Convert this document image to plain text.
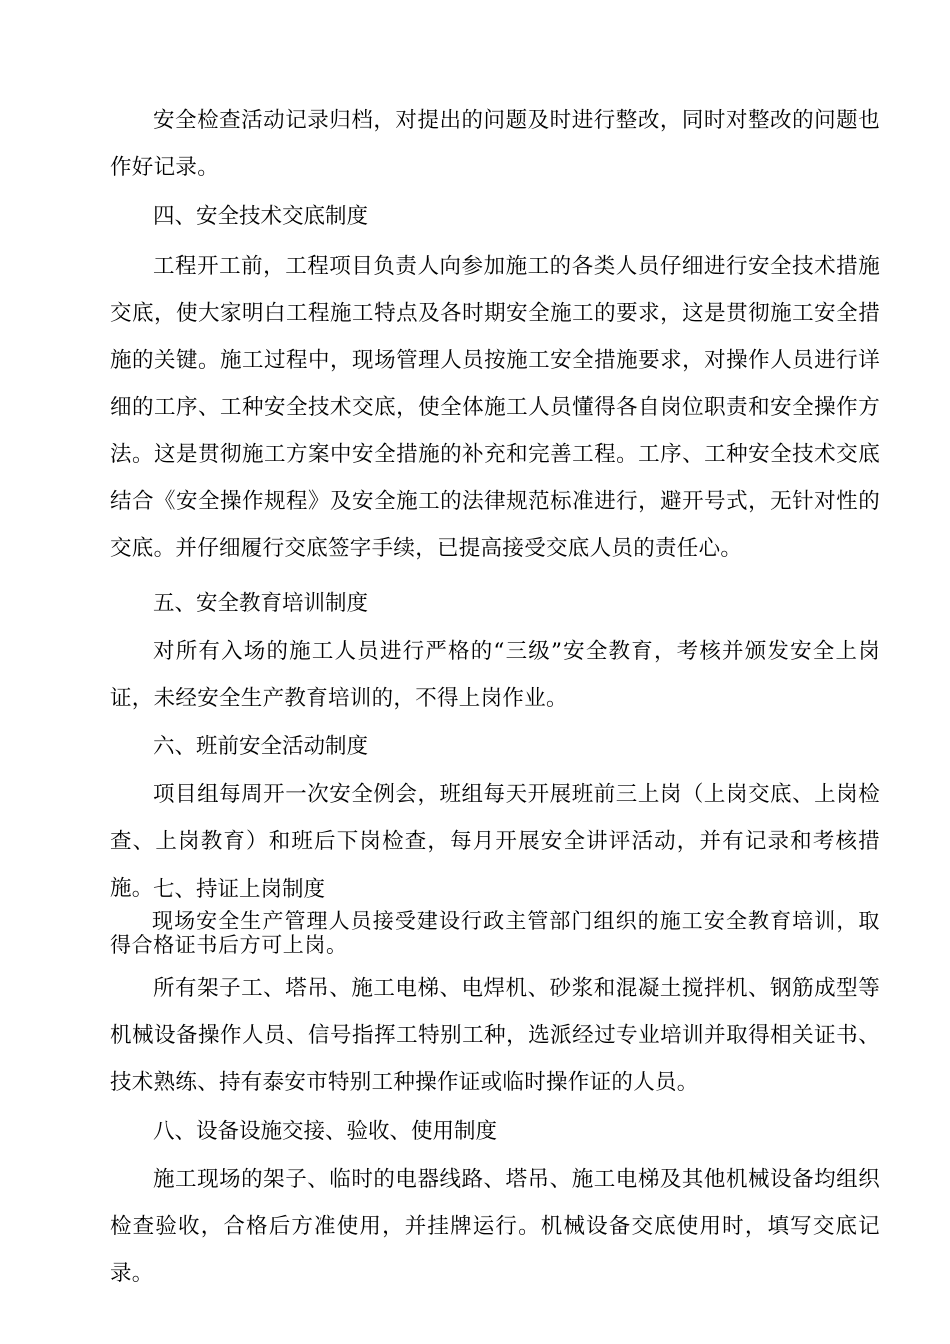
安全检查活动记录归档，对提出的问题及时进行整改，同时对整改的问题也作好记录。

四、安全技术交底制度

工程开工前，工程项目负责人向参加施工的各类人员仔细进行安全技术措施交底，使大家明白工程施工特点及各时期安全施工的要求，这是贯彻施工安全措施的关键。施工过程中，现场管理人员按施工安全措施要求，对操作人员进行详细的工序、工种安全技术交底，使全体施工人员懂得各自岗位职责和安全操作方法。这是贯彻施工方案中安全措施的补充和完善工程。工序、工种安全技术交底结合《安全操作规程》及安全施工的法律规范标准进行，避开号式，无针对性的交底。并仔细履行交底签字手续，已提高接受交底人员的责任心。

五、安全教育培训制度

对所有入场的施工人员进行严格的“三级”安全教育，考核并颁发安全上岗证，未经安全生产教育培训的，不得上岗作业。

六、班前安全活动制度

项目组每周开一次安全例会，班组每天开展班前三上岗（上岗交底、上岗检查、上岗教育）和班后下岗检查，每月开展安全讲评活动，并有记录和考核措施。 七、持证上岗制度

现场安全生产管理人员接受建设行政主管部门组织的施工安全教育培训，取得合格证书后方可上岗。

所有架子工、塔吊、施工电梯、电焊机、砂浆和混凝土搅拌机、钢筋成型等机械设备操作人员、信号指挥工特别工种，选派经过专业培训并取得相关证书、技术熟练、持有泰安市特别工种操作证或临时操作证的人员。

八、设备设施交接、验收、使用制度

施工现场的架子、临时的电器线路、塔吊、施工电梯及其他机械设备均组织检查验收，合格后方准使用，并挂牌运行。机械设备交底使用时，填写交底记录。
